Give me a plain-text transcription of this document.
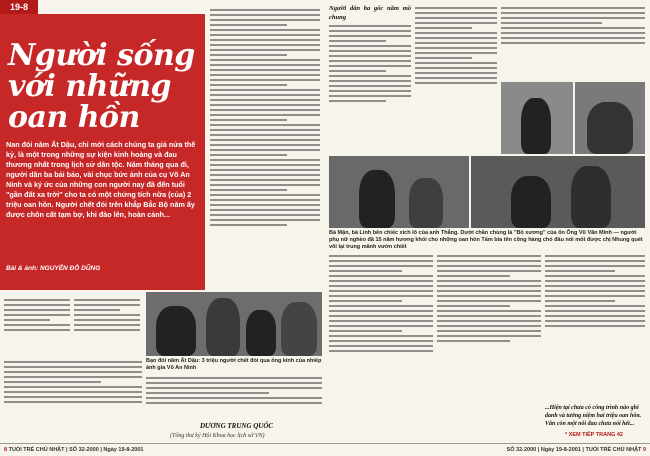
19-8
Người sống với những oan hồn
Nan đói năm Ất Dậu, chỉ mới cách chúng ta giả nửa thế kỷ, là một trong những sự kiện kinh hoàng và đau thương nhất trong lịch sử dân tộc. Năm tháng qua đi, người dân ba bải bảo, vài chục bức ảnh của cụ Võ An Ninh và ký ức của những con người nay đã đến tuổi "gần đất xa trời" cho ta có một chứng tích nữa (của) 2 triệu oan hồn. Người chết đói trên khắp Bắc Bộ năm ấy được chôn cất tạm bợ, khi đào lên, hoàn cảnh...
Bài & ảnh: NGUYỄN ĐỖ DŨNG
Bạn đói năm Ất Dậu: 3 triệu người chết đói qua ống kính của nhiếp ảnh gia Võ An Ninh
DƯƠNG TRUNG QUỐC
(Tổng thư ký Hội Khoa học lịch sử VN)
8 TUỔI TRẺ CHỦ NHẬT | SỐ 32-2000 | Ngày 19-8-2001
Người dân ba gốc năm mồ chung
Bà Mận, bà Linh bên chiếc xích lô của anh Thắng. Dưới chân chùng là "Bồ xương" của ổn Ông Vũ Văn Minh — người phụ nữ nghèo đã 15 năm hương khói cho những oan hồn Tấm bia tên công hàng chó đấu nối mốt được chị Nhung quét vôi lại trung mãnh vườn chiết
...Hiện tại chưa có công trình nào ghi danh và tưởng niệm hai triệu oan hồn. Vẫn còn một nỗi đau chưa nói hết...
* XEM TIẾP TRANG 42
SỐ 32-2000 | Ngày 19-8-2001 | TUỔI TRẺ CHỦ NHẬT 9
